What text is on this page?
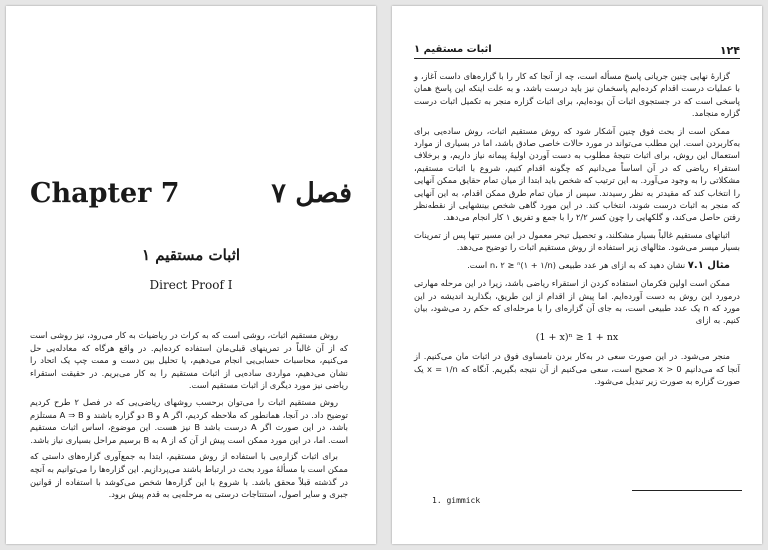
Chapter 7	فصل ۷
اثبات مستقیم ۱
Direct Proof I

روش مستقیم اثبات، روشی است که به کرات در ریاضیات به کار می‌رود، نیز روشی است که از آن غالباً در تمرینهای قبلی‌مان استفاده کرده‌ایم. در واقع هرگاه که معادله‌یی حل می‌کنیم، محاسبات حسابی‌یی انجام می‌دهیم، یا تحلیل بین دست و ممت چپ یک اتحاد را نشان می‌دهیم، مواردی ساده‌یی از اثبات مستقیم را به کار می‌بریم. در حقیقت استقراء ریاضی نیز مورد دیگری از اثبات مستقیم است.

روش مستقیم اثبات را می‌توان برحسب روشهای ریاضی‌یی که در فصل ۲ طرح کردیم توضیح داد. در آنجا، همانطور که ملاحظه کردیم، اگر A و B دو گزاره باشند و A ⇒ B مستلزم باشد، در این صورت اگر A درست باشد B نیز هست. این موضوع، اساس اثبات مستقیم است. اما، در این مورد ممکن است پیش از آن که از A به B برسیم مراحل بسیاری نیاز باشد.

برای اثبات گزاره‌یی با استفاده از روش مستقیم، ابتدا به جمع‌آوری گزاره‌های داستی که ممکن است با مسألهٔ مورد بحث در ارتباط باشند می‌پردازیم. این گزاره‌ها را می‌توانیم به آنچه در گذشته قبلاً محقق باشد. با شروع با این گزاره‌ها شخص می‌کوشد با استفاده از قوانین جبری و سایر اصول، استنتاجات درستی به مرحله‌یی به قدم پیش برود.

۱۲۴
اثبات مستقیم ۱

گزارهٔ نهایی چنین جریانی پاسخ مسأله است، چه از آنجا که کار را با گزاره‌های داست آغاز، و با عملیات درست اقدام کرده‌ایم پاسخمان نیز باید درست باشد، و به علت اینکه این پاسخ همان پاسخی است که در جستجوی اثبات آن بوده‌ایم، برای اثبات گزاره منجر به تکمیل اثبات درست گزاره منجامد.

ممکن است از بحث فوق چنین آشکار شود که روش مستقیم اثبات، روش ساده‌یی برای به‌کاربردن است. این مطلب می‌تواند در مورد حالات خاصی صادق باشد، اما در بسیاری از موارد استعمال این روش، برای اثبات نتیجهٔ مطلوب به دست آوردن اولیهٔ پیمانه نیاز داریم، و برخلاف استقراء ریاضی که در آن اساساً می‌دانیم که چگونه اقدام کنیم، شروع با اثبات مستقیم، مشکلاتی را به وجود می‌آورد. به این ترتیب که شخص باید ابتدا از میان تمام حقایق ممکن آنهایی را انتخاب کند که مقیدتر به نظر رسیدند. سپس از میان تمام طرق ممکن اقدام، به این آنهایی که منجر به اثبات درست شوند، انتخاب کند. در این مورد گاهی شخص بینشهایی از نقطه‌نظر رفتن حاصل می‌کند، و گلکهایی را چون کسر ۲/۲ را با جمع و تفریق ۱ کار انجام می‌دهد.

اثباتهای مستقیم غالباً بسیار مشکلند، و تحصیل تبحر معمول در این مسیر تنها پس از تمرینات بسیار میسر می‌شود. مثالهای زیر استفاده از روش مستقیم اثبات را توضیح می‌دهد.

مثال ۷.۱ نشان دهید که به ازای هر عدد طبیعی n، ۲ ≥ ⁿ(۱ + ۱/n) است.

ممکن است اولین فکرمان استفاده کردن از استقراء ریاضی باشد، زیرا در این مرحله مهارتی درمورد این روش به دست آورده‌ایم. اما پیش از اقدام از این طریق، بگذارید اندیشه در این مورد که n یک عدد طبیعی است، به جای آن گزاره‌ای را با مرحله‌ای که حکم رد می‌شود، بیان کنیم. به ازای

(1 + x)ⁿ ≥ 1 + nx

منجر می‌شود. در این صورت سعی در به‌کار بردن نامساوی فوق در اثبات مان می‌کنیم. از آنجا که می‌دانیم x > 0 صحیح است، سعی می‌کنیم از آن نتیجه بگیریم. آنگاه که x = ۱/n یک صورت گزاره به صورت زیر تبدیل می‌شود.

1. gimmick
